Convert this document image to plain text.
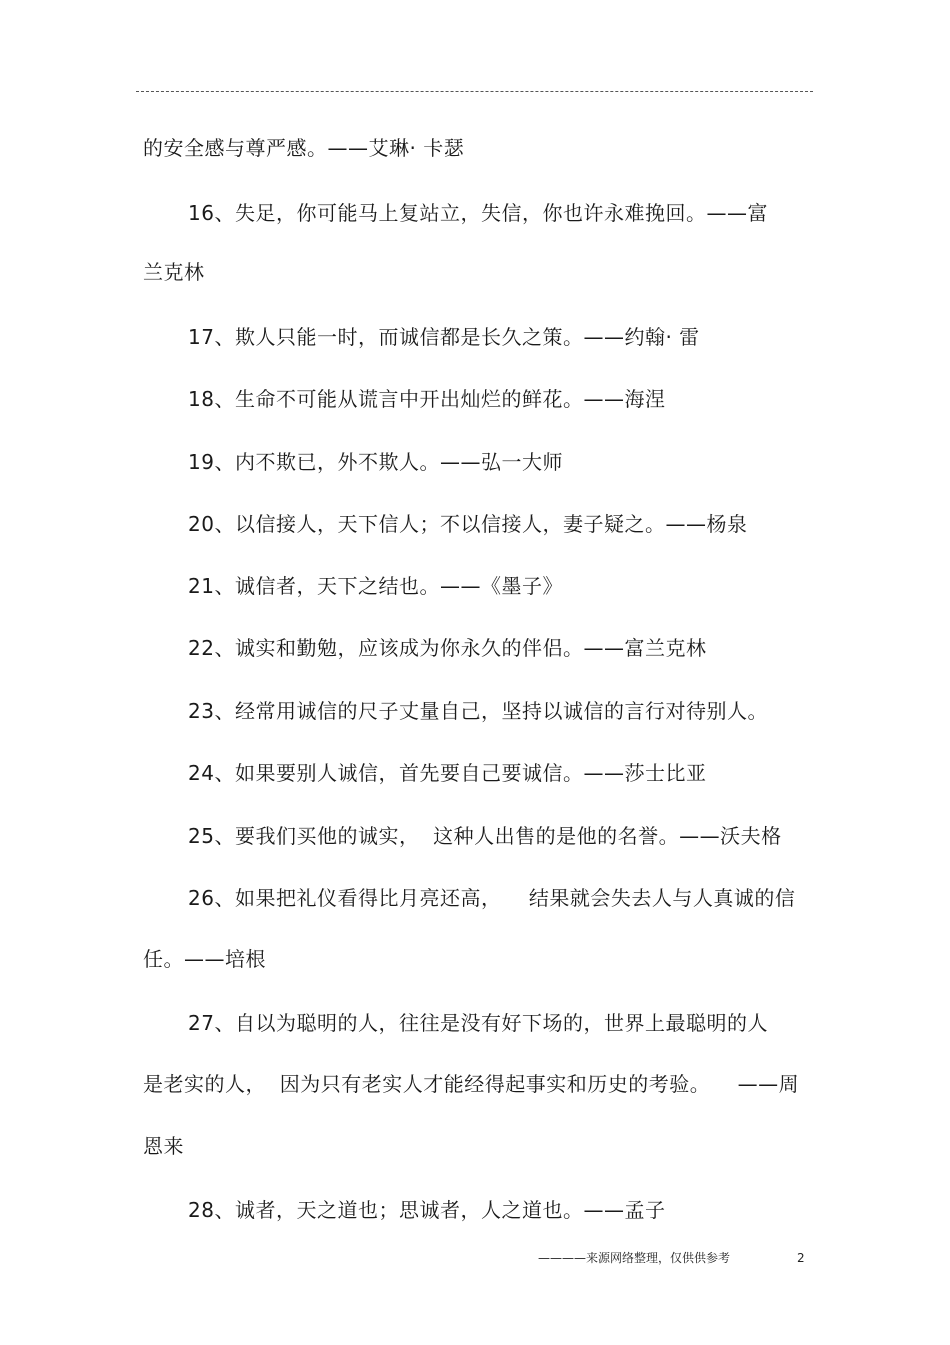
的安全感与尊严感。——艾琳· 卡瑟
16、失足，你可能马上复站立，失信，你也许永难挽回。——富
兰克林
17、欺人只能一时，而诚信都是长久之策。——约翰· 雷
18、生命不可能从谎言中开出灿烂的鲜花。——海涅
19、内不欺已，外不欺人。——弘一大师
20、以信接人，天下信人；不以信接人，妻子疑之。——杨泉
21、诚信者，天下之结也。——《墨子》
22、诚实和勤勉，应该成为你永久的伴侣。——富兰克林
23、经常用诚信的尺子丈量自己，坚持以诚信的言行对待别人。
24、如果要别人诚信，首先要自己要诚信。——莎士比亚
25、要我们买他的诚实，  这种人出售的是他的名誉。——沃夫格
26、如果把礼仪看得比月亮还高，    结果就会失去人与人真诚的信
任。——培根
27、自以为聪明的人，往往是没有好下场的，世界上最聪明的人
是老实的人，  因为只有老实人才能经得起事实和历史的考验。    ——周
恩来
28、诚者，天之道也；思诚者，人之道也。——孟子
————来源网络整理，仅供供参考	2
